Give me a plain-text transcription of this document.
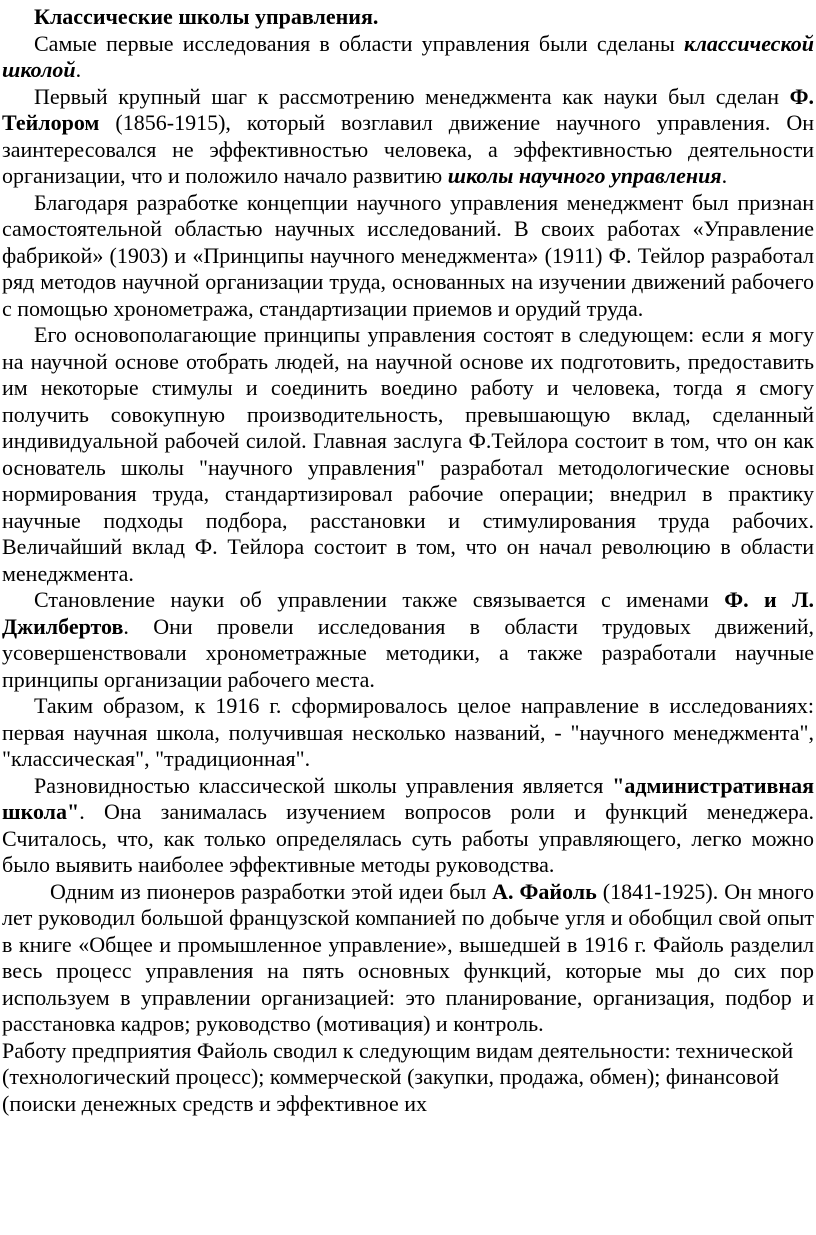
Классические школы управления.

Самые первые исследования в области управления были сделаны классической школой.

Первый крупный шаг к рассмотрению менеджмента как науки был сделан Ф. Тейлором (1856-1915), который возглавил движение научного управления. Он заинтересовался не эффективностью человека, а эффективностью деятельности организации, что и положило начало развитию школы научного управления.

Благодаря разработке концепции научного управления менеджмент был признан самостоятельной областью научных исследований. В своих работах «Управление фабрикой» (1903) и «Принципы научного менеджмента» (1911) Ф. Тейлор разработал ряд методов научной организации труда, основанных на изучении движений рабочего с помощью хронометража, стандартизации приемов и орудий труда.

Его основополагающие принципы управления состоят в следующем: если я могу на научной основе отобрать людей, на научной основе их подготовить, предоставить им некоторые стимулы и соединить воедино работу и человека, тогда я смогу получить совокупную производительность, превышающую вклад, сделанный индивидуальной рабочей силой. Главная заслуга Ф.Тейлора состоит в том, что он как основатель школы "научного управления" разработал методологические основы нормирования труда, стандартизировал рабочие операции; внедрил в практику научные подходы подбора, расстановки и стимулирования труда рабочих. Величайший вклад Ф. Тейлора состоит в том, что он начал революцию в области менеджмента.

Становление науки об управлении также связывается с именами Ф. и Л. Джилбертов. Они провели исследования в области трудовых движений, усовершенствовали хронометражные методики, а также разработали научные принципы организации рабочего места.

Таким образом, к 1916 г. сформировалось целое направление в исследованиях: первая научная школа, получившая несколько названий, - "научного менеджмента", "классическая", "традиционная".

Разновидностью классической школы управления является "административная школа". Она занималась изучением вопросов роли и функций менеджера. Считалось, что, как только определялась суть работы управляющего, легко можно было выявить наиболее эффективные методы руководства.

Одним из пионеров разработки этой идеи был А. Файоль (1841-1925). Он много лет руководил большой французской компанией по добыче угля и обобщил свой опыт в книге «Общее и промышленное управление», вышедшей в 1916 г. Файоль разделил весь процесс управления на пять основных функций, которые мы до сих пор используем в управлении организацией: это планирование, организация, подбор и расстановка кадров; руководство (мотивация) и контроль.

Работу предприятия Файоль сводил к следующим видам деятельности: технической (технологический процесс); коммерческой (закупки, продажа, обмен); финансовой (поиски денежных средств и эффективное их
